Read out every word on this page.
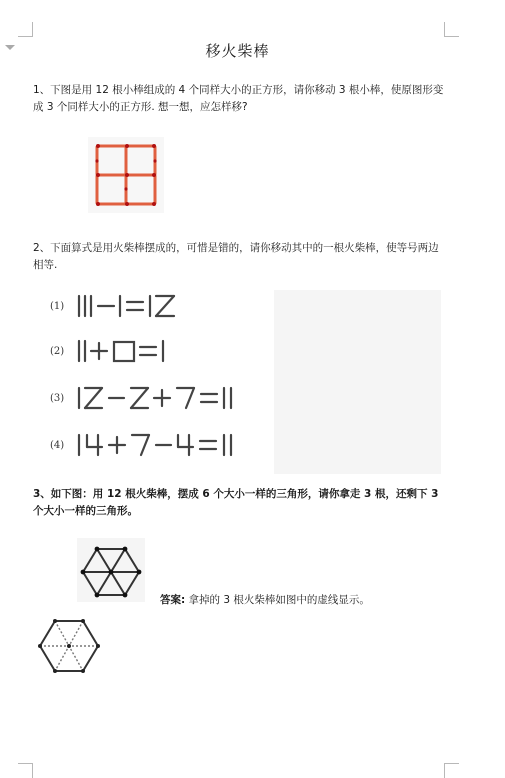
移火柴棒

1、下图是用 12 根小棒组成的 4 个同样大小的正方形，请你移动 3 根小棒，使原图形变成 3 个同样大小的正方形. 想一想，应怎样移?

2、下面算式是用火柴棒摆成的，可惜是错的，请你移动其中的一根火柴棒，使等号两边相等.

(1)
(2)
(3)
(4)

3、如下图：用 12 根火柴棒，摆成 6 个大小一样的三角形，请你拿走 3 根，还剩下 3 个大小一样的三角形。

答案: 拿掉的 3 根火柴棒如图中的虚线显示。
